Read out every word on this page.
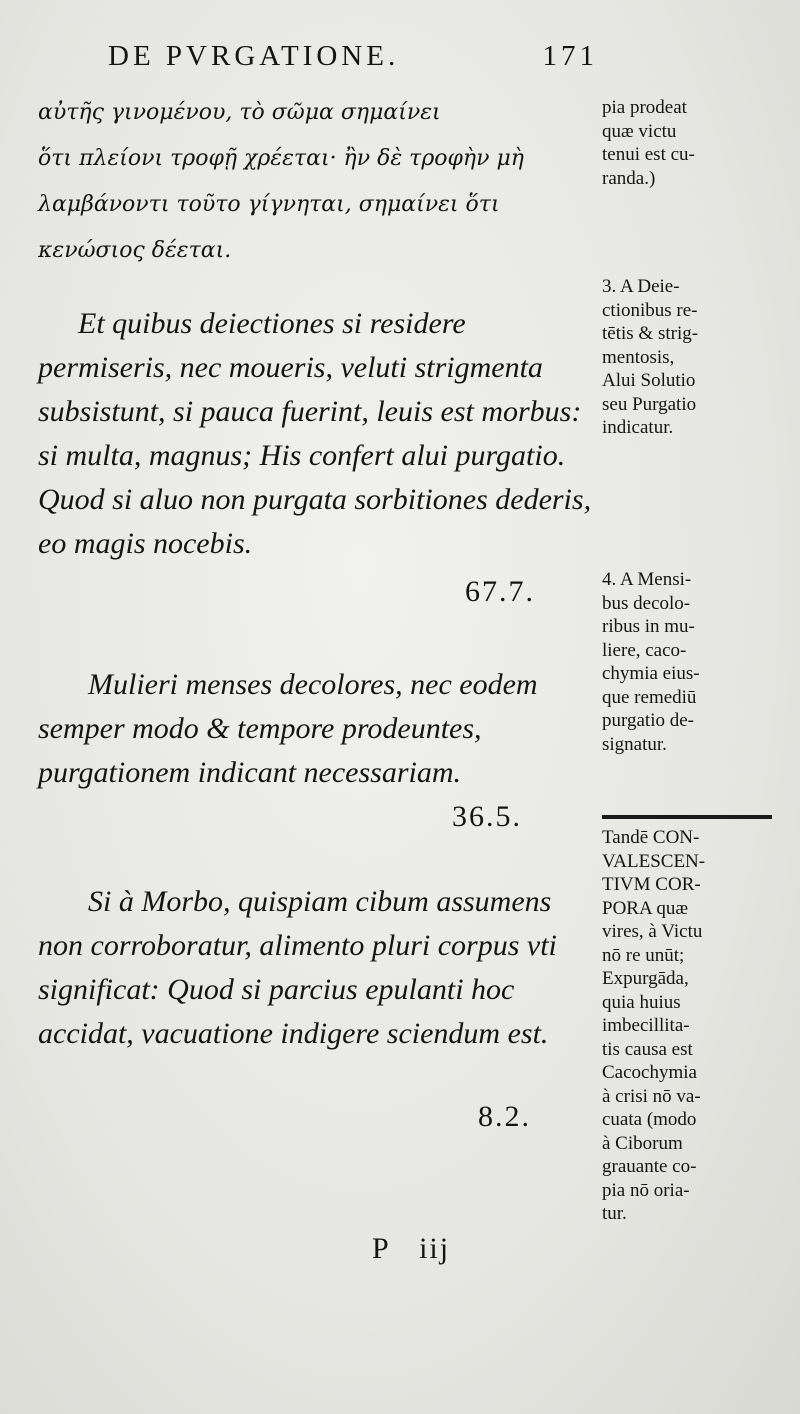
DE PVRGATIONE.	171
αὐτῆς γινομένου, τὸ σῶμα σημαίνει
ὅτι πλείονι τροφῇ χρέεται· ἢν δὲ τροφὴν μὴ
λαμβάνοντι τοῦτο γίγνηται, σημαίνει ὅτι
κενώσιος δέεται.
Et quibus deiectiones si residere permiseris, nec moueris, veluti strigmenta subsistunt, si pauca fuerint, leuis est morbus: si multa, magnus; His confert alui purgatio. Quod si aluo non purgata sorbitiones dederis, eo magis nocebis.
67.7.
Mulieri menses decolores, nec eodem semper modo & tempore prodeuntes, purgationem indicant necessariam.
36.5.
Si à Morbo, quispiam cibum assumens non corroboratur, alimento pluri corpus vti significat: Quod si parcius epulanti hoc accidat, vacuatione indigere sciendum est.
8.2.
P iij
pia prodeat
quæ victu
tenui est cu-
randa.)
3. A Deie-
ctionibus re-
tētis & strig-
mentosis,
Alui Solutio
seu Purgatio
indicatur.
4. A Mensi-
bus decolo-
ribus in mu-
liere, caco-
chymia eius-
que remediū
purgatio de-
signatur.
Tandē CON-
VALESCEN-
TIVM COR-
PORA quæ
vires, à Victu
nō re unūt;
Expurgāda,
quia huius
imbecillita-
tis causa est
Cacochymia
à crisi nō va-
cuata (modo
à Ciborum
grauante co-
pia nō oria-
tur.
